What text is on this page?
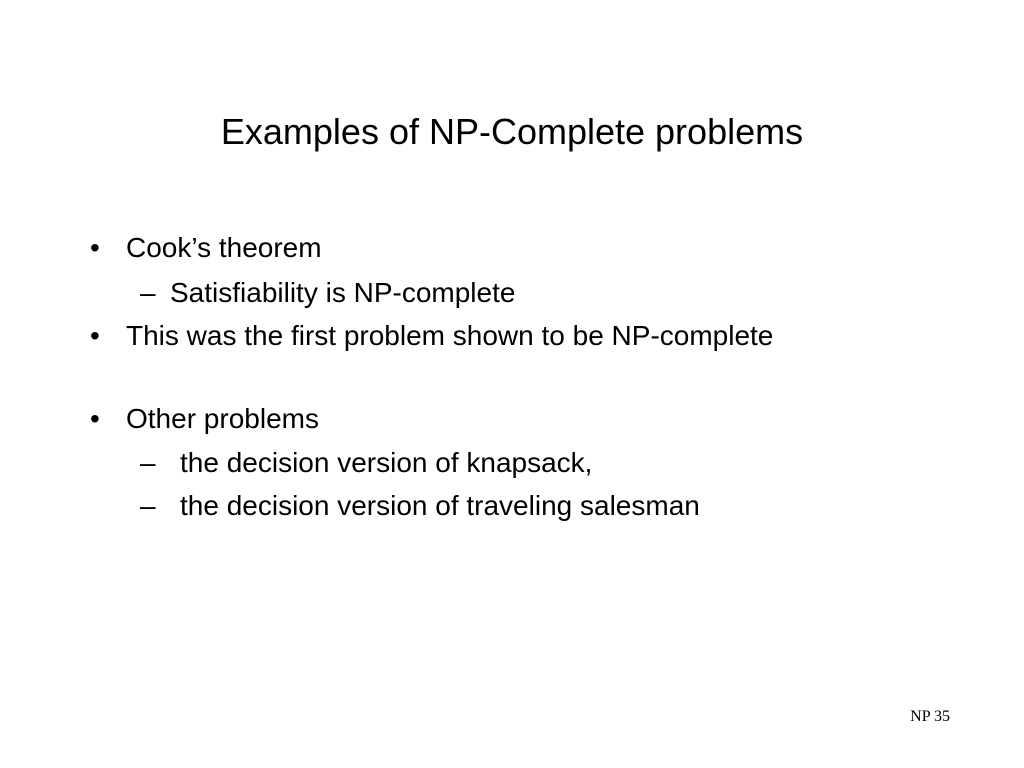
Examples of NP-Complete problems
• Cook’s theorem
– Satisfiability is NP-complete
• This was the first problem shown to be NP-complete
• Other problems
– the decision version of knapsack,
– the decision version of traveling salesman
NP 35
